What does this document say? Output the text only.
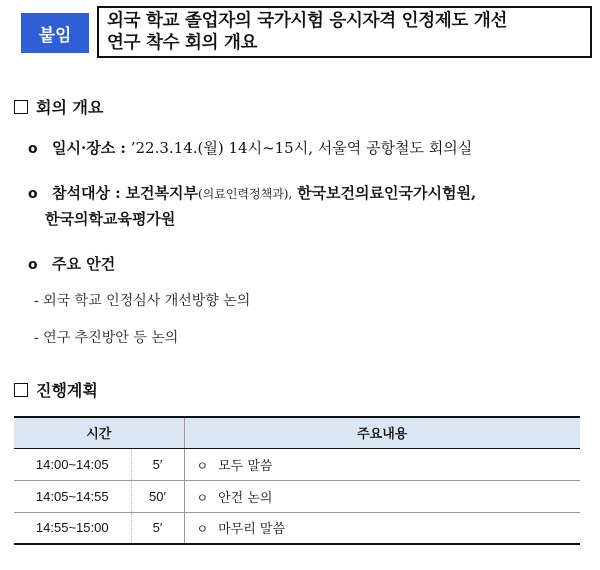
붙임
외국 학교 졸업자의 국가시험 응시자격 인정제도 개선
연구 착수 회의 개요
회의 개요
o 일시·장소 :
’22.3.14.(월) 14시~15시, 서울역 공항철도 회의실
o 참석대상 :
보건복지부 (의료인력정책과),
한국보건의료인국가시험원,
한국의학교육평가원
o 주요 안건
- 외국 학교 인정심사 개선방향 논의
- 연구 추진방안 등 논의
진행계획
시간		주요내용
14:00~14:05	5′	ㅇ 모두 말씀
14:05~14:55	50′	ㅇ 안건 논의
14:55~15:00	5′	ㅇ 마무리 말씀
